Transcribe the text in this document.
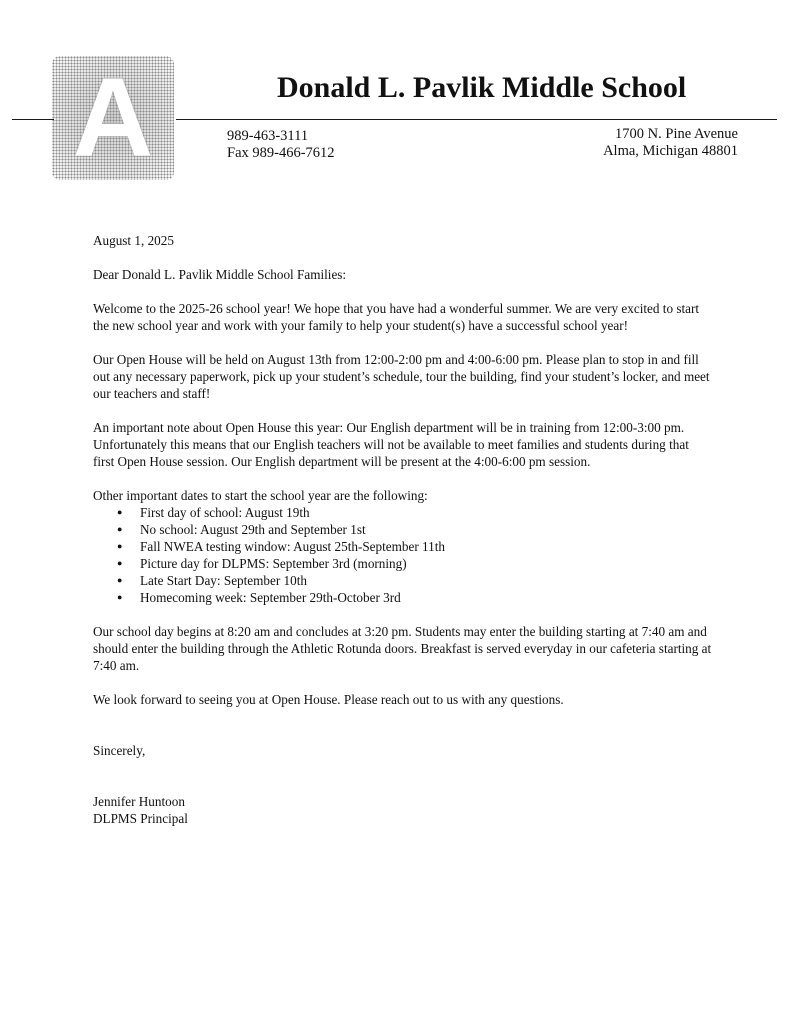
A	Donald L. Pavlik Middle School
989-463-3111
Fax 989-466-7612
1700 N. Pine Avenue
Alma, Michigan 48801

August 1, 2025

Dear Donald L. Pavlik Middle School Families:

Welcome to the 2025-26 school year! We hope that you have had a wonderful summer. We are very excited to start the new school year and work with your family to help your student(s) have a successful school year!

Our Open House will be held on August 13th from 12:00-2:00 pm and 4:00-6:00 pm. Please plan to stop in and fill out any necessary paperwork, pick up your student’s schedule, tour the building, find your student’s locker, and meet our teachers and staff!

An important note about Open House this year: Our English department will be in training from 12:00-3:00 pm. Unfortunately this means that our English teachers will not be available to meet families and students during that first Open House session. Our English department will be present at the 4:00-6:00 pm session.

Other important dates to start the school year are the following:

● First day of school: August 19th
● No school: August 29th and September 1st
● Fall NWEA testing window: August 25th-September 11th
● Picture day for DLPMS: September 3rd (morning)
● Late Start Day: September 10th
● Homecoming week: September 29th-October 3rd

Our school day begins at 8:20 am and concludes at 3:20 pm. Students may enter the building starting at 7:40 am and should enter the building through the Athletic Rotunda doors. Breakfast is served everyday in our cafeteria starting at 7:40 am.

We look forward to seeing you at Open House. Please reach out to us with any questions.

Sincerely,

Jennifer Huntoon
DLPMS Principal
